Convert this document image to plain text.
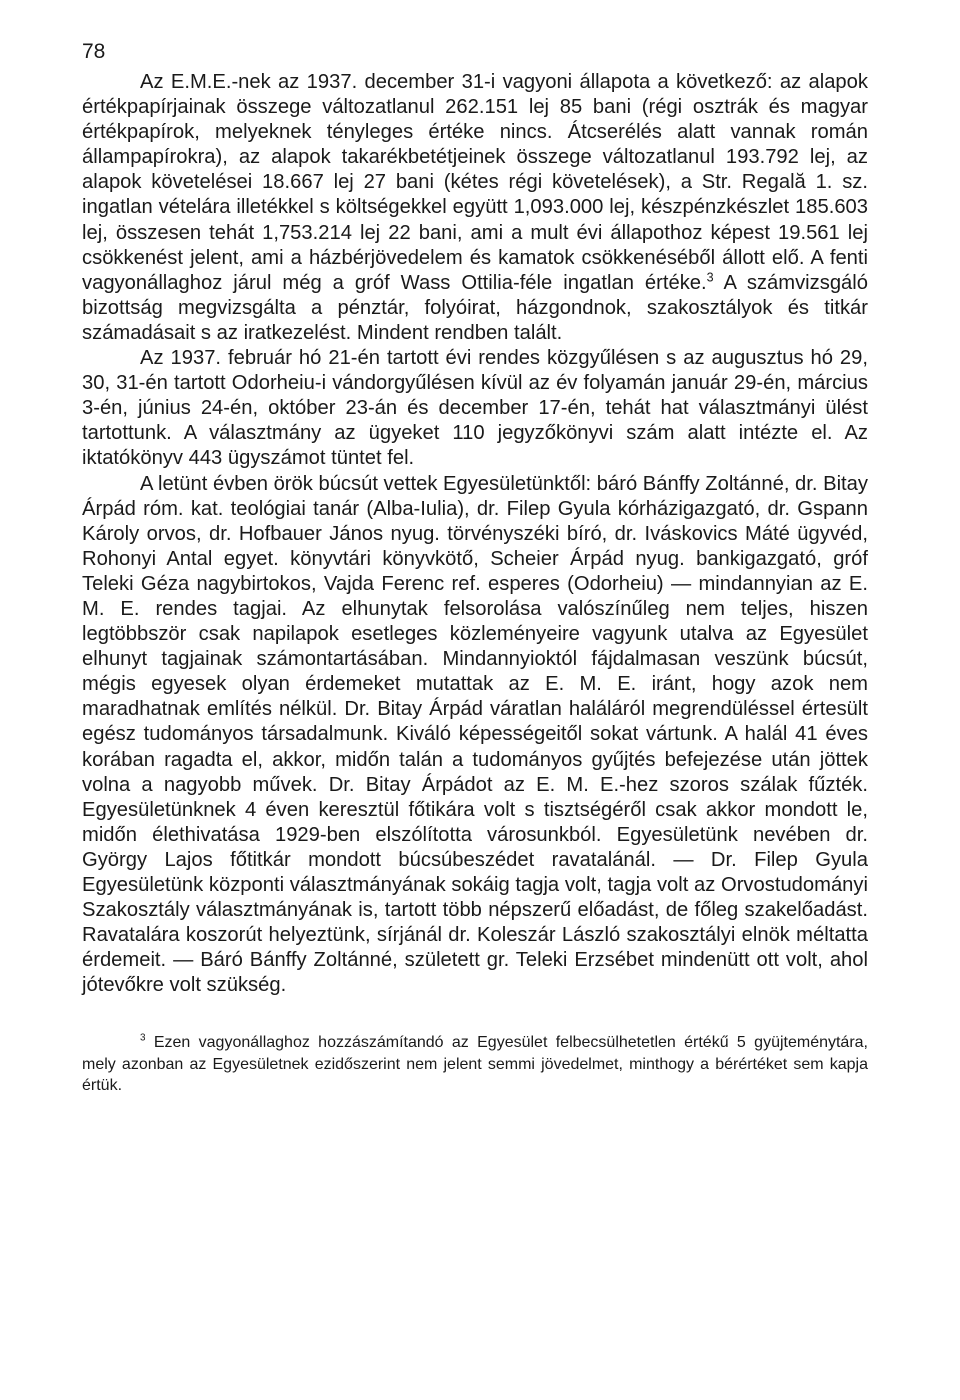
78

Az E.M.E.-nek az 1937. december 31-i vagyoni állapota a következő: az alapok értékpapírjainak összege változatlanul 262.151 lej 85 bani (régi osztrák és magyar értékpapírok, melyeknek tényleges értéke nincs. Átcserélés alatt vannak román állampapírokra), az alapok takarékbetétjeinek összege változatlanul 193.792 lej, az alapok követelései 18.667 lej 27 bani (kétes régi követelések), a Str. Regală 1. sz. ingatlan vételára illetékkel s költségekkel együtt 1,093.000 lej, készpénzkészlet 185.603 lej, összesen tehát 1,753.214 lej 22 bani, ami a mult évi állapothoz képest 19.561 lej csökkenést jelent, ami a házbérjövedelem és kamatok csökkenéséből állott elő. A fenti vagyonállaghoz járul még a gróf Wass Ottilia-féle ingatlan értéke.$^3$ A számvizsgáló bizottság megvizsgálta a pénztár, folyóirat, házgondnok, szakosztályok és titkár számadásait s az iratkezelést. Mindent rendben talált.

Az 1937. február hó 21-én tartott évi rendes közgyűlésen s az augusztus hó 29, 30, 31-én tartott Odorheiu-i vándorgyűlésen kívül az év folyamán január 29-én, március 3-én, június 24-én, október 23-án és december 17-én, tehát hat választmányi ülést tartottunk. A választmány az ügyeket 110 jegyzőkönyvi szám alatt intézte el. Az iktatókönyv 443 ügyszámot tüntet fel.

A letünt évben örök búcsút vettek Egyesületünktől: báró Bánffy Zoltánné, dr. Bitay Árpád róm. kat. teológiai tanár (Alba-Iulia), dr. Filep Gyula kórházigazgató, dr. Gspann Károly orvos, dr. Hofbauer János nyug. törvényszéki bíró, dr. Iváskovics Máté ügyvéd, Rohonyi Antal egyet. könyvtári könyvkötő, Scheier Árpád nyug. bankigazgató, gróf Teleki Géza nagybirtokos, Vajda Ferenc ref. esperes (Odorheiu) — mindannyian az E. M. E. rendes tagjai. Az elhunytak felsorolása valószínűleg nem teljes, hiszen legtöbbször csak napilapok esetleges közleményeire vagyunk utalva az Egyesület elhunyt tagjainak számontartásában. Mindannyioktól fájdalmasan veszünk búcsút, mégis egyesek olyan érdemeket mutattak az E. M. E. iránt, hogy azok nem maradhatnak említés nélkül. Dr. Bitay Árpád váratlan haláláról megrendüléssel értesült egész tudományos társadalmunk. Kiváló képességeitől sokat vártunk. A halál 41 éves korában ragadta el, akkor, midőn talán a tudományos gyűjtés befejezése után jöttek volna a nagyobb művek. Dr. Bitay Árpádot az E. M. E.-hez szoros szálak fűzték. Egyesületünknek 4 éven keresztül főtikára volt s tisztségéről csak akkor mondott le, midőn élethivatása 1929-ben elszólította városunkból. Egyesületünk nevében dr. György Lajos főtitkár mondott búcsúbeszédet ravatalánál. — Dr. Filep Gyula Egyesületünk központi választmányának sokáig tagja volt, tagja volt az Orvostudományi Szakosztály választmányának is, tartott több népszerű előadást, de főleg szakelőadást. Ravatalára koszorút helyeztünk, sírjánál dr. Koleszár László szakosztályi elnök méltatta érdemeit. — Báró Bánffy Zoltánné, született gr. Teleki Erzsébet mindenütt ott volt, ahol jótevőkre volt szükség.

$^3$ Ezen vagyonállaghoz hozzászámítandó az Egyesület felbecsülhetetlen értékű 5 gyüjteménytára, mely azonban az Egyesületnek ezidőszerint nem jelent semmi jövedelmet, minthogy a bérértéket sem kapja értük.
